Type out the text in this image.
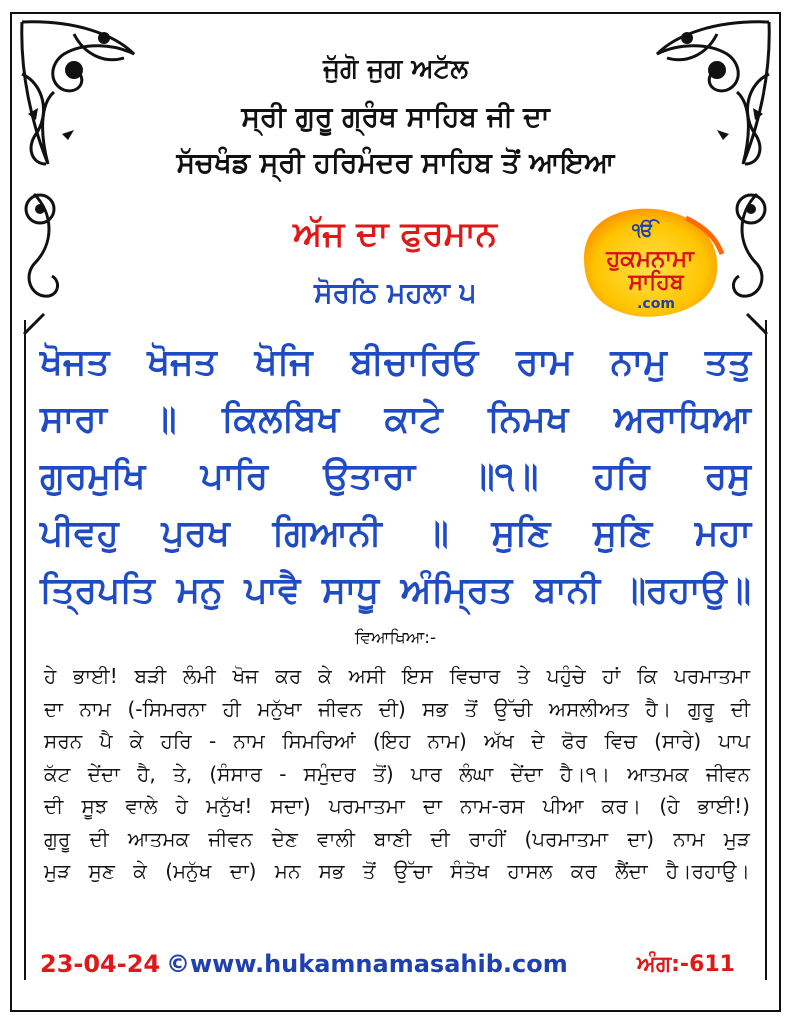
ਜੁੱਗੋ ਜੁਗ ਅਟੱਲ
ਸ੍ਰੀ ਗੁਰੂ ਗ੍ਰੰਥ ਸਾਹਿਬ ਜੀ ਦਾ
ਸੱਚਖੰਡ ਸ੍ਰੀ ਹਰਿਮੰਦਰ ਸਾਹਿਬ ਤੋਂ ਆਇਆ
ਅੱਜ ਦਾ ਫੁਰਮਾਨ
ਸੋਰਠਿ ਮਹਲਾ ੫
ੴ
ਹੁਕਮਨਾਮਾ
ਸਾਹਿਬ
.com
ਖੋਜਤ ਖੋਜਤ ਖੋਜਿ ਬੀਚਾਰਿਓ ਰਾਮ ਨਾਮੁ ਤਤੁ
ਸਾਰਾ ॥ ਕਿਲਬਿਖ ਕਾਟੇ ਨਿਮਖ ਅਰਾਧਿਆ
ਗੁਰਮੁਖਿ ਪਾਰਿ ਉਤਾਰਾ ॥੧॥ ਹਰਿ ਰਸੁ
ਪੀਵਹੁ ਪੁਰਖ ਗਿਆਨੀ ॥ ਸੁਣਿ ਸੁਣਿ ਮਹਾ
ਤ੍ਰਿਪਤਿ ਮਨੁ ਪਾਵੈ ਸਾਧੂ ਅੰਮ੍ਰਿਤ ਬਾਨੀ ॥ਰਹਾਉ॥
ਵਿਆਖਿਆ:-
ਹੇ ਭਾਈ! ਬੜੀ ਲੰਮੀ ਖੋਜ ਕਰ ਕੇ ਅਸੀ ਇਸ ਵਿਚਾਰ ਤੇ ਪਹੁੰਚੇ ਹਾਂ ਕਿ ਪਰਮਾਤਮਾ
ਦਾ ਨਾਮ (-ਸਿਮਰਨਾ ਹੀ ਮਨੁੱਖਾ ਜੀਵਨ ਦੀ) ਸਭ ਤੋਂ ਉੱਚੀ ਅਸਲੀਅਤ ਹੈ। ਗੁਰੂ ਦੀ
ਸਰਨ ਪੈ ਕੇ ਹਰਿ - ਨਾਮ ਸਿਮਰਿਆਂ (ਇਹ ਨਾਮ) ਅੱਖ ਦੇ ਫੋਰ ਵਿਚ (ਸਾਰੇ) ਪਾਪ
ਕੱਟ ਦੇਂਦਾ ਹੈ, ਤੇ, (ਸੰਸਾਰ - ਸਮੁੰਦਰ ਤੋਂ) ਪਾਰ ਲੰਘਾ ਦੇਂਦਾ ਹੈ।੧। ਆਤਮਕ ਜੀਵਨ
ਦੀ ਸੂਝ ਵਾਲੇ ਹੇ ਮਨੁੱਖ! ਸਦਾ) ਪਰਮਾਤਮਾ ਦਾ ਨਾਮ-ਰਸ ਪੀਆ ਕਰ। (ਹੇ ਭਾਈ!)
ਗੁਰੂ ਦੀ ਆਤਮਕ ਜੀਵਨ ਦੇਣ ਵਾਲੀ ਬਾਣੀ ਦੀ ਰਾਹੀਂ (ਪਰਮਾਤਮਾ ਦਾ) ਨਾਮ ਮੁੜ
ਮੁੜ ਸੁਣ ਕੇ (ਮਨੁੱਖ ਦਾ) ਮਨ ਸਭ ਤੋਂ ਉੱਚਾ ਸੰਤੋਖ ਹਾਸਲ ਕਰ ਲੈਂਦਾ ਹੈ।ਰਹਾਉ।
23-04-24 ©www.hukamnamasahib.com	ਅੰਗ:-611
